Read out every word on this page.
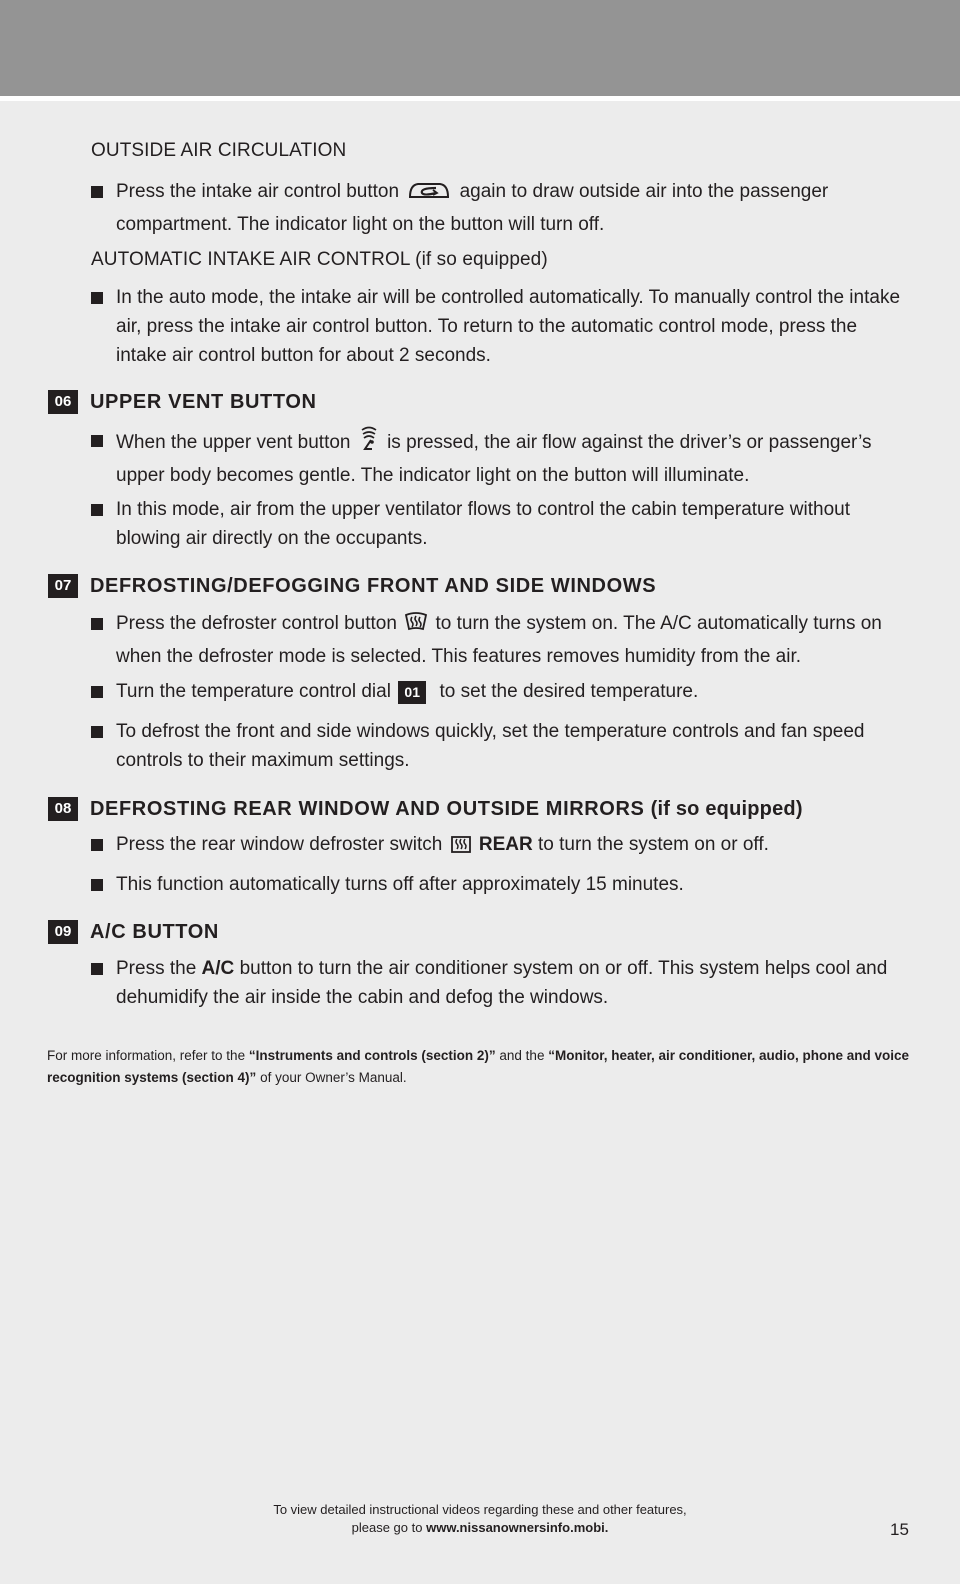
OUTSIDE AIR CIRCULATION
Press the intake air control button	again to draw outside air into the passenger compartment. The indicator light on the button will turn off.
AUTOMATIC INTAKE AIR CONTROL (if so equipped)
In the auto mode, the intake air will be controlled automatically. To manually control the intake air, press the intake air control button. To return to the automatic control mode, press the intake air control button for about 2 seconds.
06 UPPER VENT BUTTON
When the upper vent button is pressed, the air flow against the driver’s or passenger’s upper body becomes gentle. The indicator light on the button will illuminate.
In this mode, air from the upper ventilator flows to control the cabin temperature without blowing air directly on the occupants.
07 DEFROSTING/DEFOGGING FRONT AND SIDE WINDOWS
Press the defroster control button to turn the system on. The A/C automatically turns on when the defroster mode is selected. This features removes humidity from the air.
Turn the temperature control dial 01 to set the desired temperature.
To defrost the front and side windows quickly, set the temperature controls and fan speed controls to their maximum settings.
08 DEFROSTING REAR WINDOW AND OUTSIDE MIRRORS (if so equipped)
Press the rear window defroster switch REAR to turn the system on or off.
This function automatically turns off after approximately 15 minutes.
09 A/C BUTTON
Press the A/C button to turn the air conditioner system on or off. This system helps cool and dehumidify the air inside the cabin and defog the windows.
For more information, refer to the “Instruments and controls (section 2)” and the “Monitor, heater, air conditioner, audio, phone and voice recognition systems (section 4)” of your Owner’s Manual.
To view detailed instructional videos regarding these and other features,
please go to www.nissanownersinfo.mobi.	15
